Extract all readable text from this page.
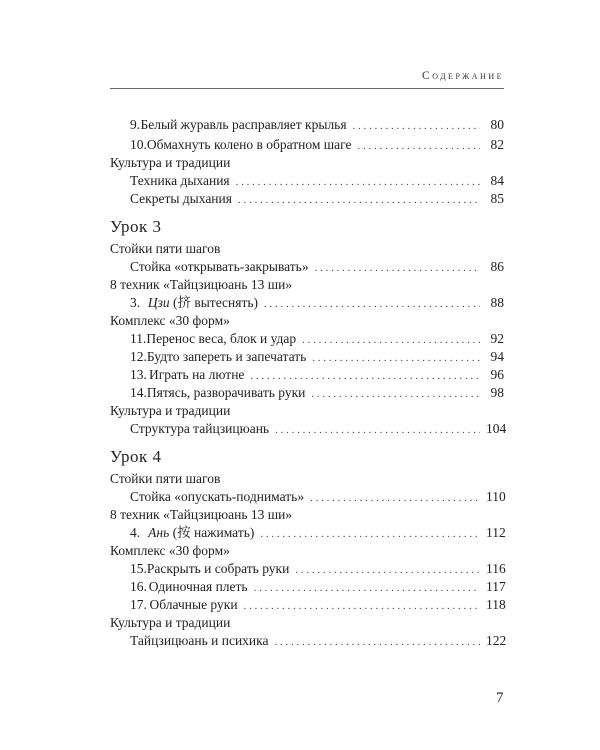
Содержание
9. Белый журавль расправляет крылья . . .	80
10. Обмахнуть колено в обратном шаге . . .	82
Культура и традиции
Техника дыхания . . .	84
Секреты дыхания . . .	85
Урок 3
Стойки пяти шагов
Стойка «открывать-закрывать» . . .	86
8 техник «Тайцзицюань 13 ши»
3. Цзи (挤 вытеснять) . . .	88
Комплекс «30 форм»
11. Перенос веса, блок и удар . . .	92
12. Будто запереть и запечатать . . .	94
13. Играть на лютне . . .	96
14. Пятясь, разворачивать руки . . .	98
Культура и традиции
Структура тайцзицюань . . .	104
Урок 4
Стойки пяти шагов
Стойка «опускать-поднимать» . . .	110
8 техник «Тайцзицюань 13 ши»
4. Ань (按 нажимать) . . .	112
Комплекс «30 форм»
15. Раскрыть и собрать руки . . .	116
16. Одиночная плеть . . .	117
17. Облачные руки . . .	118
Культура и традиции
Тайцзицюань и психика . . .	122
7
